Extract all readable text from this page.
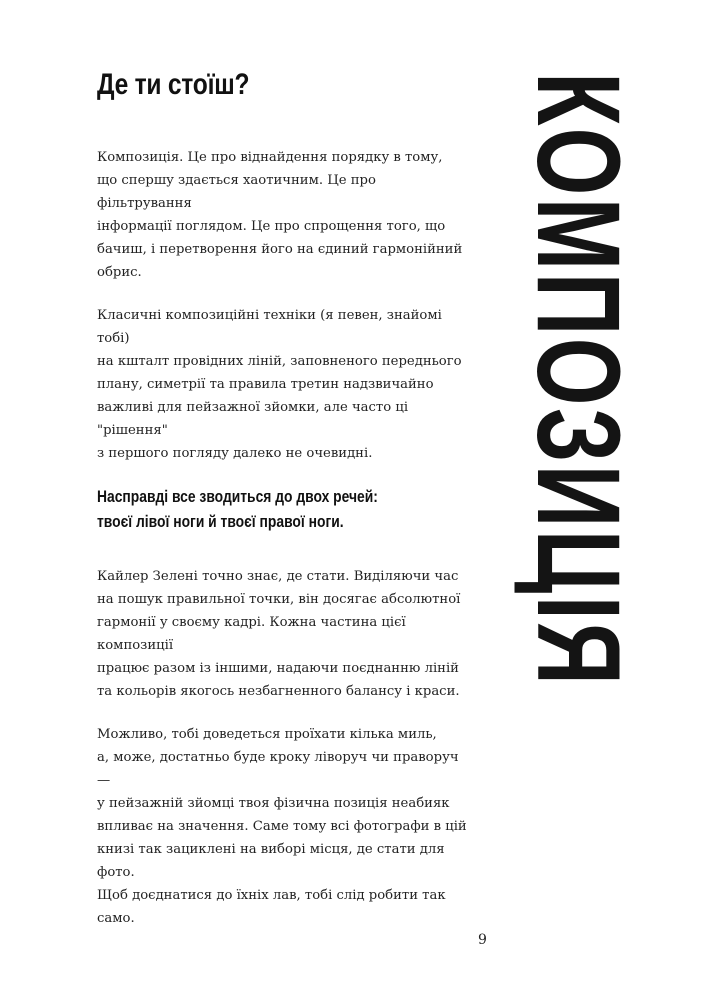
Де ти стоїш?

Композиція. Це про віднайдення порядку в тому,
що спершу здається хаотичним. Це про фільтрування
інформації поглядом. Це про спрощення того, що
бачиш, і перетворення його на єдиний гармонійний
обрис.

Класичні композиційні техніки (я певен, знайомі тобі)
на кшталт провідних ліній, заповненого переднього
плану, симетрії та правила третин надзвичайно
важливі для пейзажної зйомки, але часто ці "рішення"
з першого погляду далеко не очевидні.

Насправді все зводиться до двох речей:
твоєї лівої ноги й твоєї правої ноги.

Кайлер Зелені точно знає, де стати. Виділяючи час
на пошук правильної точки, він досягає абсолютної
гармонії у своєму кадрі. Кожна частина цієї композиції
працює разом із іншими, надаючи поєднанню ліній
та кольорів якогось незбагненного балансу і краси.

Можливо, тобі доведеться проїхати кілька миль,
а, може, достатньо буде кроку ліворуч чи праворуч —
у пейзажній зйомці твоя фізична позиція неабияк
впливає на значення. Саме тому всі фотографи в цій
книзі так зациклені на виборі місця, де стати для фото.
Щоб доєднатися до їхніх лав, тобі слід робити так
само.

КОМПОЗИЦІЯ
9
